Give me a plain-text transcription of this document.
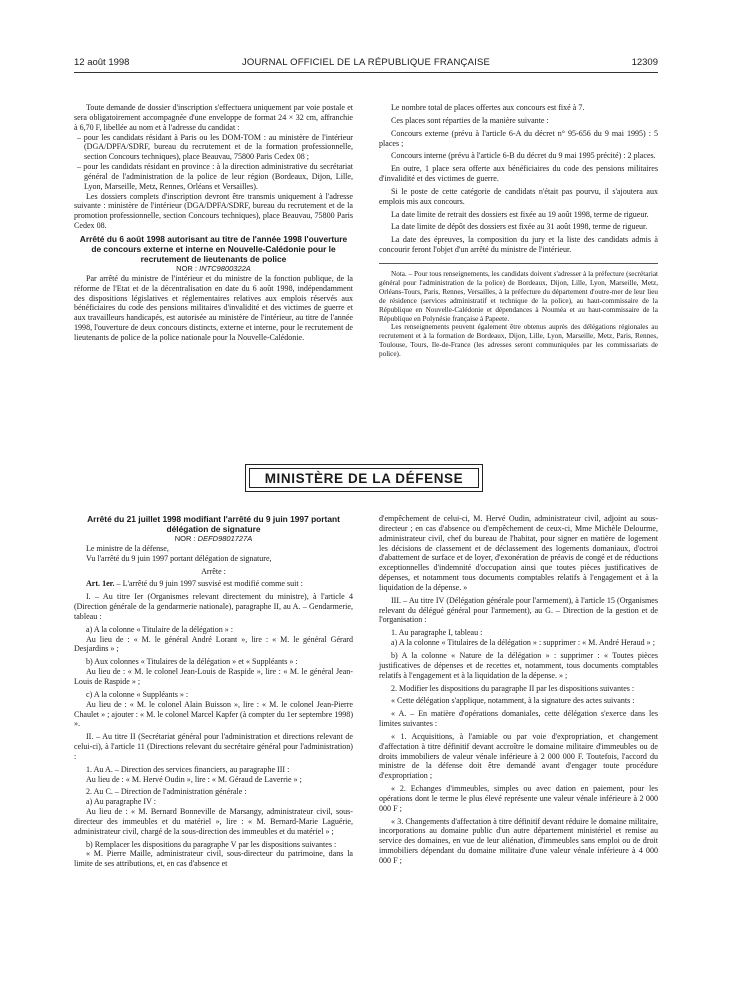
12 août 1998	JOURNAL OFFICIEL DE LA RÉPUBLIQUE FRANÇAISE	12309

Toute demande de dossier d'inscription s'effectuera uniquement par voie postale et sera obligatoirement accompagnée d'une enveloppe de format 24 × 32 cm, affranchie à 6,70 F, libellée au nom et à l'adresse du candidat :

– pour les candidats résidant à Paris ou les DOM-TOM : au ministère de l'intérieur (DGA/DPFA/SDRF, bureau du recrutement et de la formation professionnelle, section Concours techniques), place Beauvau, 75800 Paris Cedex 08 ;

– pour les candidats résidant en province : à la direction administrative du secrétariat général de l'administration de la police de leur région (Bordeaux, Dijon, Lille, Lyon, Marseille, Metz, Rennes, Orléans et Versailles).

Les dossiers complets d'inscription devront être transmis uniquement à l'adresse suivante : ministère de l'intérieur (DGA/DPFA/SDRF, bureau du recrutement et de la promotion professionnelle, section Concours techniques), place Beauvau, 75800 Paris Cedex 08.

Arrêté du 6 août 1998 autorisant au titre de l'année 1998 l'ouverture de concours externe et interne en Nouvelle-Calédonie pour le recrutement de lieutenants de police

NOR : INTC9800322A

Par arrêté du ministre de l'intérieur et du ministre de la fonction publique, de la réforme de l'Etat et de la décentralisation en date du 6 août 1998, indépendamment des dispositions législatives et réglementaires relatives aux emplois réservés aux bénéficiaires du code des pensions militaires d'invalidité et des victimes de guerre et aux travailleurs handicapés, est autorisée au ministère de l'intérieur, au titre de l'année 1998, l'ouverture de deux concours distincts, externe et interne, pour le recrutement de lieutenants de police de la police nationale pour la Nouvelle-Calédonie.

Le nombre total de places offertes aux concours est fixé à 7.

Ces places sont réparties de la manière suivante :

Concours externe (prévu à l'article 6-A du décret n° 95-656 du 9 mai 1995) : 5 places ;

Concours interne (prévu à l'article 6-B du décret du 9 mai 1995 précité) : 2 places.

En outre, 1 place sera offerte aux bénéficiaires du code des pensions militaires d'invalidité et des victimes de guerre.

Si le poste de cette catégorie de candidats n'était pas pourvu, il s'ajoutera aux emplois mis aux concours.

La date limite de retrait des dossiers est fixée au 19 août 1998, terme de rigueur.

La date limite de dépôt des dossiers est fixée au 31 août 1998, terme de rigueur.

La date des épreuves, la composition du jury et la liste des candidats admis à concourir feront l'objet d'un arrêté du ministre de l'intérieur.

Nota. – Pour tous renseignements, les candidats doivent s'adresser à la préfecture (secrétariat général pour l'administration de la police) de Bordeaux, Dijon, Lille, Lyon, Marseille, Metz, Orléans-Tours, Paris, Rennes, Versailles, à la préfecture du département d'outre-mer de leur lieu de résidence (services administratif et technique de la police), au haut-commissaire de la République en Nouvelle-Calédonie et dépendances à Nouméa et au haut-commissaire de la République en Polynésie française à Papeete.

Les renseignements peuvent également être obtenus auprès des délégations régionales au recrutement et à la formation de Bordeaux, Dijon, Lille, Lyon, Marseille, Metz, Paris, Rennes, Toulouse, Tours, Ile-de-France (les adresses seront communiquées par les commissariats de police).

MINISTÈRE DE LA DÉFENSE

Arrêté du 21 juillet 1998 modifiant l'arrêté du 9 juin 1997 portant délégation de signature

NOR : DEFD9801727A

Le ministre de la défense,

Vu l'arrêté du 9 juin 1997 portant délégation de signature,

Arrête :

Art. 1er. – L'arrêté du 9 juin 1997 susvisé est modifié comme suit :

I. – Au titre Ier (Organismes relevant directement du ministre), à l'article 4 (Direction générale de la gendarmerie nationale), paragraphe II, au A. – Gendarmerie, tableau :

a) A la colonne « Titulaire de la délégation » :

Au lieu de : « M. le général André Lorant », lire : « M. le général Gérard Desjardins » ;

b) Aux colonnes « Titulaires de la délégation » et « Suppléants » :

Au lieu de : « M. le colonel Jean-Louis de Raspide », lire : « M. le général Jean-Louis de Raspide » ;

c) A la colonne « Suppléants » :

Au lieu de : « M. le colonel Alain Buisson », lire : « M. le colonel Jean-Pierre Chaulet » ; ajouter : « M. le colonel Marcel Kapfer (à compter du 1er septembre 1998) ».

II. – Au titre II (Secrétariat général pour l'administration et directions relevant de celui-ci), à l'article 11 (Directions relevant du secrétaire général pour l'administration) :

1. Au A. – Direction des services financiers, au paragraphe III :

Au lieu de : « M. Hervé Oudin », lire : « M. Géraud de Laverrie » ;

2. Au C. – Direction de l'administration générale :

a) Au paragraphe IV :

Au lieu de : « M. Bernard Bonneville de Marsangy, administrateur civil, sous-directeur des immeubles et du matériel », lire : « M. Bernard-Marie Laguérie, administrateur civil, chargé de la sous-direction des immeubles et du matériel » ;

b) Remplacer les dispositions du paragraphe V par les dispositions suivantes :

« M. Pierre Maille, administrateur civil, sous-directeur du patrimoine, dans la limite de ses attributions, et, en cas d'absence et

d'empêchement de celui-ci, M. Hervé Oudin, administrateur civil, adjoint au sous-directeur ; en cas d'absence ou d'empêchement de ceux-ci, Mme Michèle Delourme, administrateur civil, chef du bureau de l'habitat, pour signer en matière de logement les décisions de classement et de déclassement des logements domaniaux, d'octroi d'abattement de surface et de loyer, d'exonération de préavis de congé et de réductions exceptionnelles d'indemnité d'occupation ainsi que toutes pièces justificatives de dépenses, et notamment tous documents comptables relatifs à l'engagement et à la liquidation de la dépense. »

III. – Au titre IV (Délégation générale pour l'armement), à l'article 15 (Organismes relevant du délégué général pour l'armement), au G. – Direction de la gestion et de l'organisation :

1. Au paragraphe I, tableau :

a) A la colonne « Titulaires de la délégation » : supprimer : « M. André Heraud » ;

b) A la colonne « Nature de la délégation » : supprimer : « Toutes pièces justificatives de dépenses et de recettes et, notamment, tous documents comptables relatifs à l'engagement et à la liquidation de la dépense. » ;

2. Modifier les dispositions du paragraphe II par les dispositions suivantes :

« Cette délégation s'applique, notamment, à la signature des actes suivants :

« A. – En matière d'opérations domaniales, cette délégation s'exerce dans les limites suivantes :

« 1. Acquisitions, à l'amiable ou par voie d'expropriation, et changement d'affectation à titre définitif devant accroître le domaine militaire d'immeubles ou de droits immobiliers de valeur vénale inférieure à 2 000 000 F. Toutefois, l'accord du ministre de la défense doit être demandé avant d'engager toute procédure d'expropriation ;

« 2. Echanges d'immeubles, simples ou avec dation en paiement, pour les opérations dont le terme le plus élevé représente une valeur vénale inférieure à 2 000 000 F ;

« 3. Changements d'affectation à titre définitif devant réduire le domaine militaire, incorporations au domaine public d'un autre département ministériel et remise au service des domaines, en vue de leur aliénation, d'immeubles sans emploi ou de droit immobiliers dépendant du domaine militaire d'une valeur vénale inférieure à 4 000 000 F ;
